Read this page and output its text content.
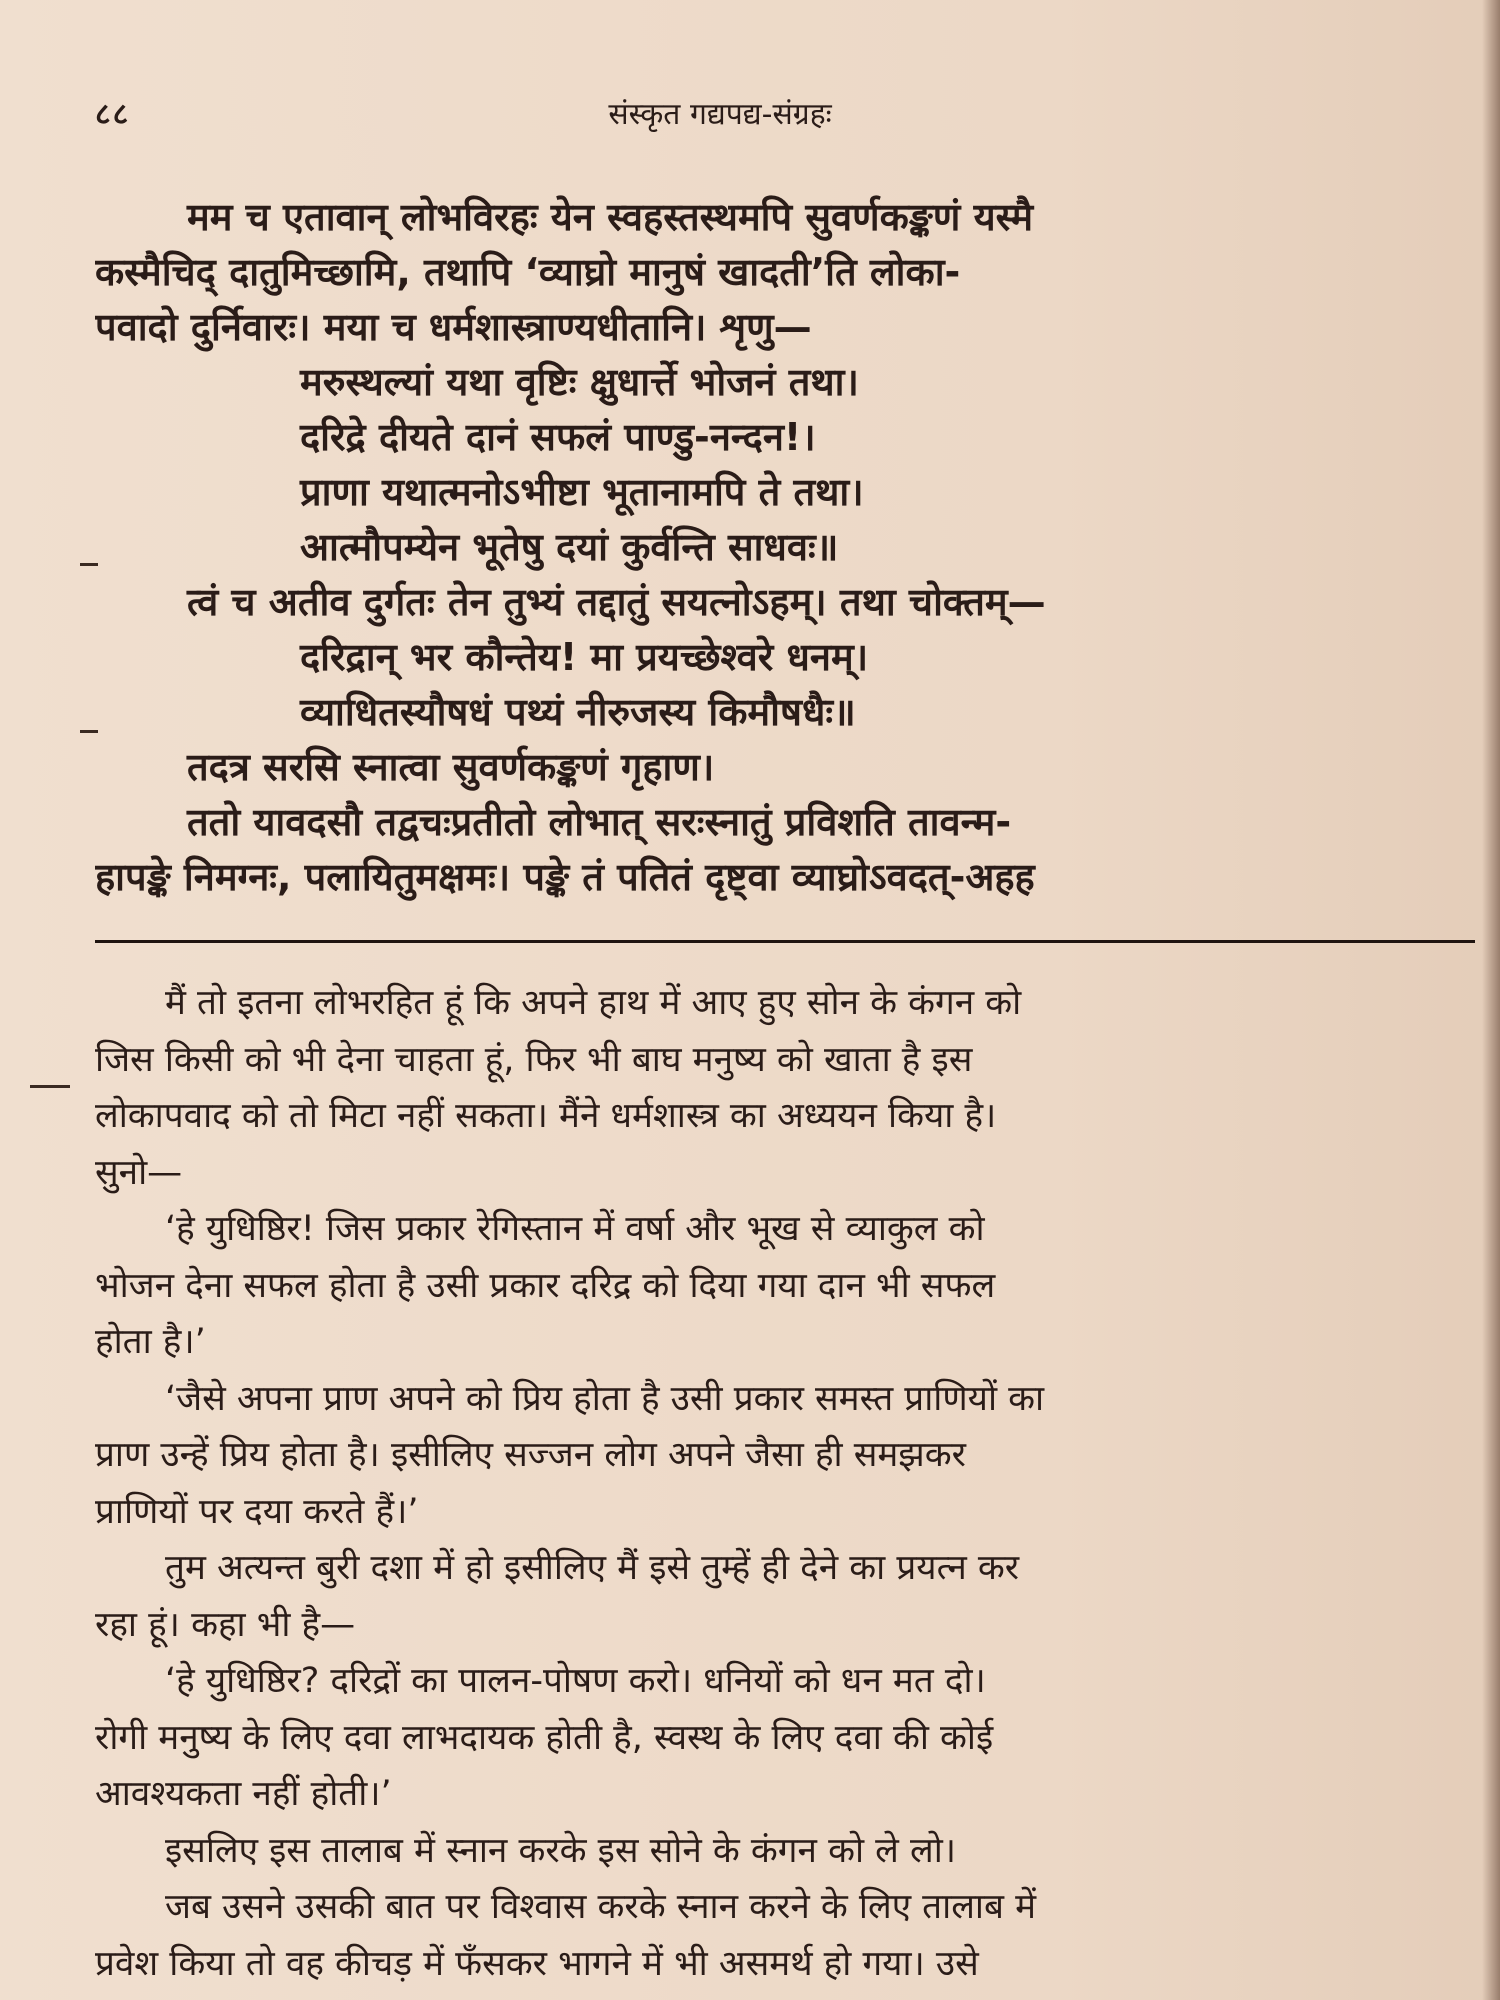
८८	संस्कृत गद्यपद्य-संग्रहः

मम च एतावान् लोभविरहः येन स्वहस्तस्थमपि सुवर्णकङ्कणं यस्मै

कस्मैचिद् दातुमिच्छामि, तथापि ‘व्याघ्रो मानुषं खादती’ति लोका-

पवादो दुर्निवारः। मया च धर्मशास्त्राण्यधीतानि। शृणु—

मरुस्थल्यां यथा वृष्टिः क्षुधार्त्ते भोजनं तथा।

दरिद्रे दीयते दानं सफलं पाण्डु-नन्दन!।

प्राणा यथात्मनोऽभीष्टा भूतानामपि ते तथा।

आत्मौपम्येन भूतेषु दयां कुर्वन्ति साधवः॥

त्वं च अतीव दुर्गतः तेन तुभ्यं तद्दातुं सयत्नोऽहम्। तथा चोक्तम्—

दरिद्रान् भर कौन्तेय! मा प्रयच्छेश्वरे धनम्।

व्याधितस्यौषधं पथ्यं नीरुजस्य किमौषधैः॥

तदत्र सरसि स्नात्वा सुवर्णकङ्कणं गृहाण।

ततो यावदसौ तद्वचःप्रतीतो लोभात् सरःस्नातुं प्रविशति तावन्म-

हापङ्के निमग्नः, पलायितुमक्षमः। पङ्के तं पतितं दृष्ट्वा व्याघ्रोऽवदत्-अहह

मैं तो इतना लोभरहित हूं कि अपने हाथ में आए हुए सोन के कंगन को

जिस किसी को भी देना चाहता हूं, फिर भी बाघ मनुष्य को खाता है इस

लोकापवाद को तो मिटा नहीं सकता। मैंने धर्मशास्त्र का अध्ययन किया है।

सुनो—

‘हे युधिष्ठिर! जिस प्रकार रेगिस्तान में वर्षा और भूख से व्याकुल को

भोजन देना सफल होता है उसी प्रकार दरिद्र को दिया गया दान भी सफल

होता है।’

‘जैसे अपना प्राण अपने को प्रिय होता है उसी प्रकार समस्त प्राणियों का

प्राण उन्हें प्रिय होता है। इसीलिए सज्जन लोग अपने जैसा ही समझकर

प्राणियों पर दया करते हैं।’

तुम अत्यन्त बुरी दशा में हो इसीलिए मैं इसे तुम्हें ही देने का प्रयत्न कर

रहा हूं। कहा भी है—

‘हे युधिष्ठिर? दरिद्रों का पालन-पोषण करो। धनियों को धन मत दो।

रोगी मनुष्य के लिए दवा लाभदायक होती है, स्वस्थ के लिए दवा की कोई

आवश्यकता नहीं होती।’

इसलिए इस तालाब में स्नान करके इस सोने के कंगन को ले लो।

जब उसने उसकी बात पर विश्वास करके स्नान करने के लिए तालाब में

प्रवेश किया तो वह कीचड़ में फँसकर भागने में भी असमर्थ हो गया। उसे
